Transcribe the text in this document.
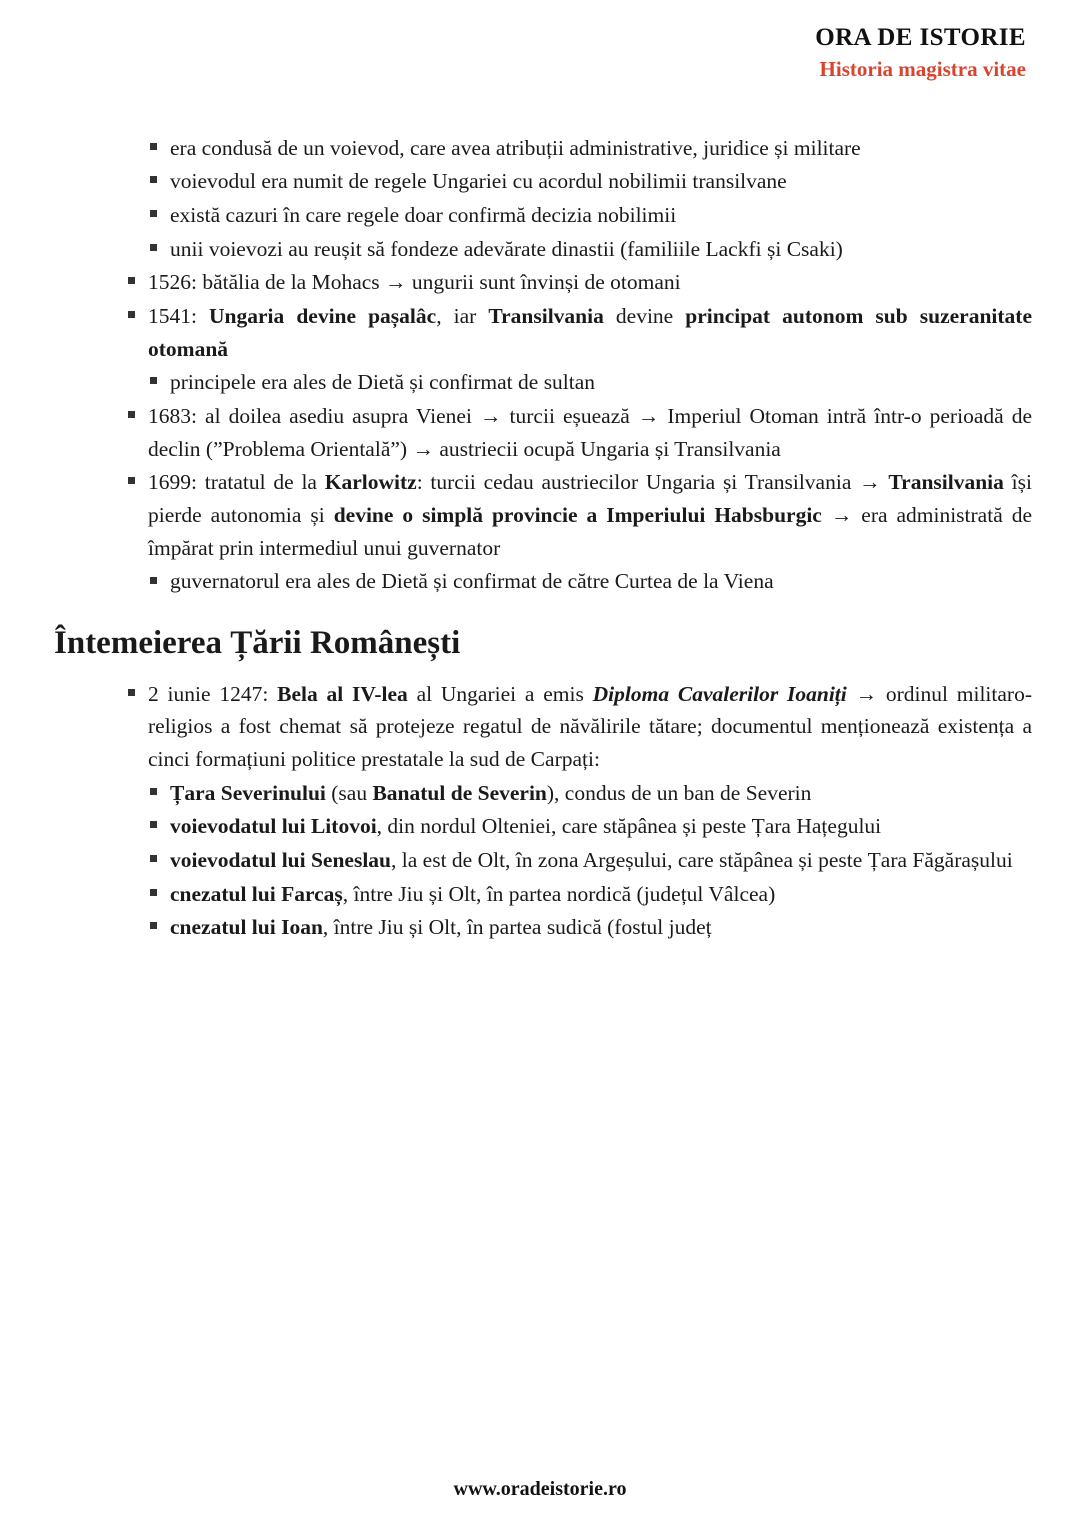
ORA DE ISTORIE
Historia magistra vitae
era condusă de un voievod, care avea atribuții administrative, juridice și militare
voievodul era numit de regele Ungariei cu acordul nobilimii transilvane
există cazuri în care regele doar confirmă decizia nobilimii
unii voievozi au reușit să fondeze adevărate dinastii (familiile Lackfi și Csaki)
1526: bătălia de la Mohacs → ungurii sunt învinși de otomani
1541: Ungaria devine pașalâc, iar Transilvania devine principat autonom sub suzeranitate otomană
principele era ales de Dietă și confirmat de sultan
1683: al doilea asediu asupra Vienei → turcii eșuează → Imperiul Otoman intră într-o perioadă de declin (”Problema Orientală”) → austriecii ocupă Ungaria și Transilvania
1699: tratatul de la Karlowitz: turcii cedau austriecilor Ungaria și Transilvania → Transilvania își pierde autonomia și devine o simplă provincie a Imperiului Habsburgic → era administrată de împărat prin intermediul unui guvernator
guvernatorul era ales de Dietă și confirmat de către Curtea de la Viena
Întemeierea Țării Românești
2 iunie 1247: Bela al IV-lea al Ungariei a emis Diploma Cavalerilor Ioaniți → ordinul militaro-religios a fost chemat să protejeze regatul de năvălirile tătare; documentul menționează existența a cinci formațiuni politice prestatale la sud de Carpați:
Țara Severinului (sau Banatul de Severin), condus de un ban de Severin
voievodatul lui Litovoi, din nordul Olteniei, care stăpânea și peste Țara Hațegului
voievodatul lui Seneslau, la est de Olt, în zona Argeșului, care stăpânea și peste Țara Făgărașului
cnezatul lui Farcaș, între Jiu și Olt, în partea nordică (județul Vâlcea)
cnezatul lui Ioan, între Jiu și Olt, în partea sudică (fostul județ
www.oradeistorie.ro
